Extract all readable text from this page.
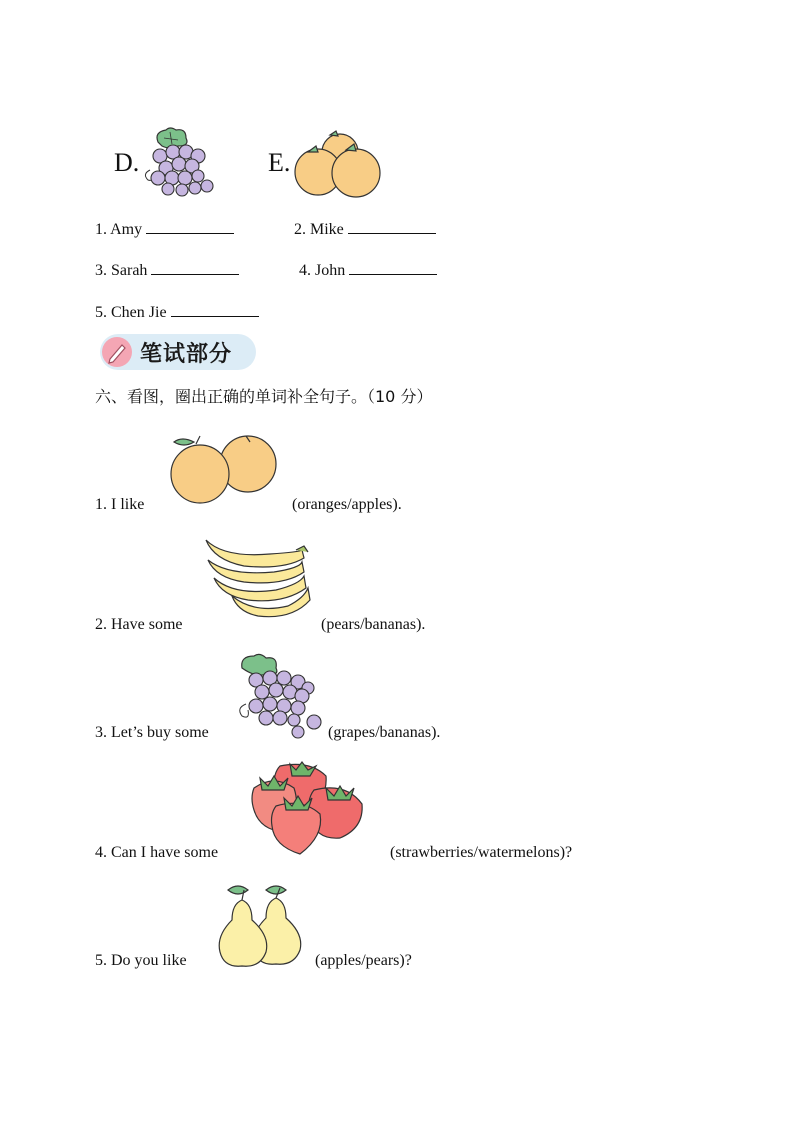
D.	E.
1. Amy	2. Mike
3. Sarah	4. John
5. Chen Jie
笔试部分
六、看图，圈出正确的单词补全句子。（10 分）
1. I like	(oranges/apples).
2. Have some	(pears/bananas).
3. Let’s buy some	(grapes/bananas).
4. Can I have some	(strawberries/watermelons)?
5. Do you like	(apples/pears)?
